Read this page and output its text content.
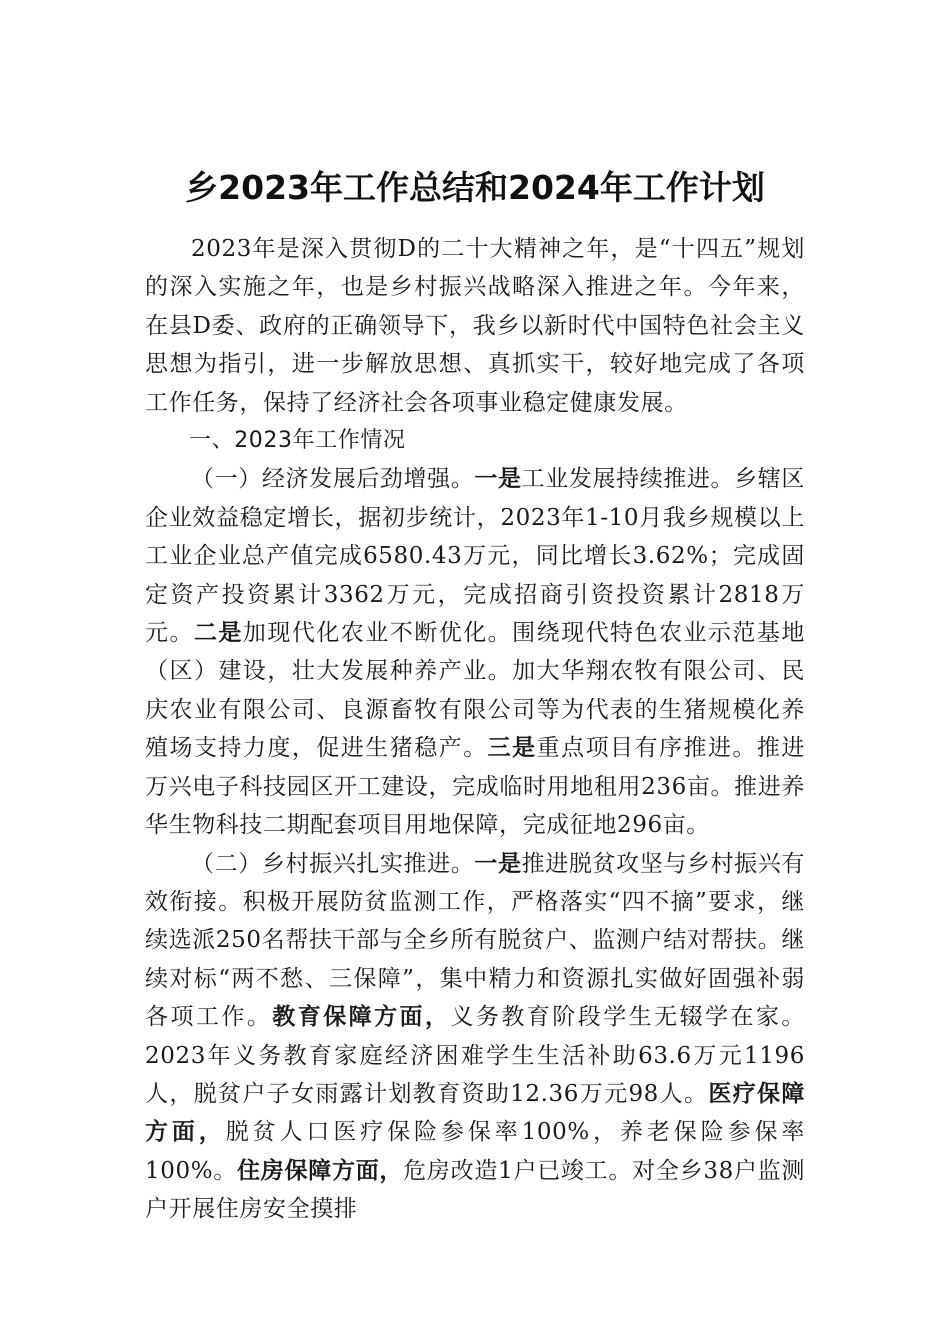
乡2023年工作总结和2024年工作计划

2023年是深入贯彻D的二十大精神之年，是“十四五”规划的深入实施之年，也是乡村振兴战略深入推进之年。今年来，在县D委、政府的正确领导下，我乡以新时代中国特色社会主义思想为指引，进一步解放思想、真抓实干，较好地完成了各项工作任务，保持了经济社会各项事业稳定健康发展。

一、2023年工作情况

（一）经济发展后劲增强。一是工业发展持续推进。乡辖区企业效益稳定增长，据初步统计，2023年1-10月我乡规模以上工业企业总产值完成6580.43万元，同比增长3.62%；完成固定资产投资累计3362万元，完成招商引资投资累计2818万元。二是加现代化农业不断优化。围绕现代特色农业示范基地（区）建设，壮大发展种养产业。加大华翔农牧有限公司、民庆农业有限公司、良源畜牧有限公司等为代表的生猪规模化养殖场支持力度，促进生猪稳产。三是重点项目有序推进。推进万兴电子科技园区开工建设，完成临时用地租用236亩。推进养华生物科技二期配套项目用地保障，完成征地296亩。

（二）乡村振兴扎实推进。一是推进脱贫攻坚与乡村振兴有效衔接。积极开展防贫监测工作，严格落实“四不摘”要求，继续选派250名帮扶干部与全乡所有脱贫户、监测户结对帮扶。继续对标“两不愁、三保障”，集中精力和资源扎实做好固强补弱各项工作。教育保障方面，义务教育阶段学生无辍学在家。2023年义务教育家庭经济困难学生生活补助63.6万元1196人，脱贫户子女雨露计划教育资助12.36万元98人。医疗保障方面，脱贫人口医疗保险参保率100%，养老保险参保率100%。住房保障方面，危房改造1户已竣工。对全乡38户监测户开展住房安全摸排
